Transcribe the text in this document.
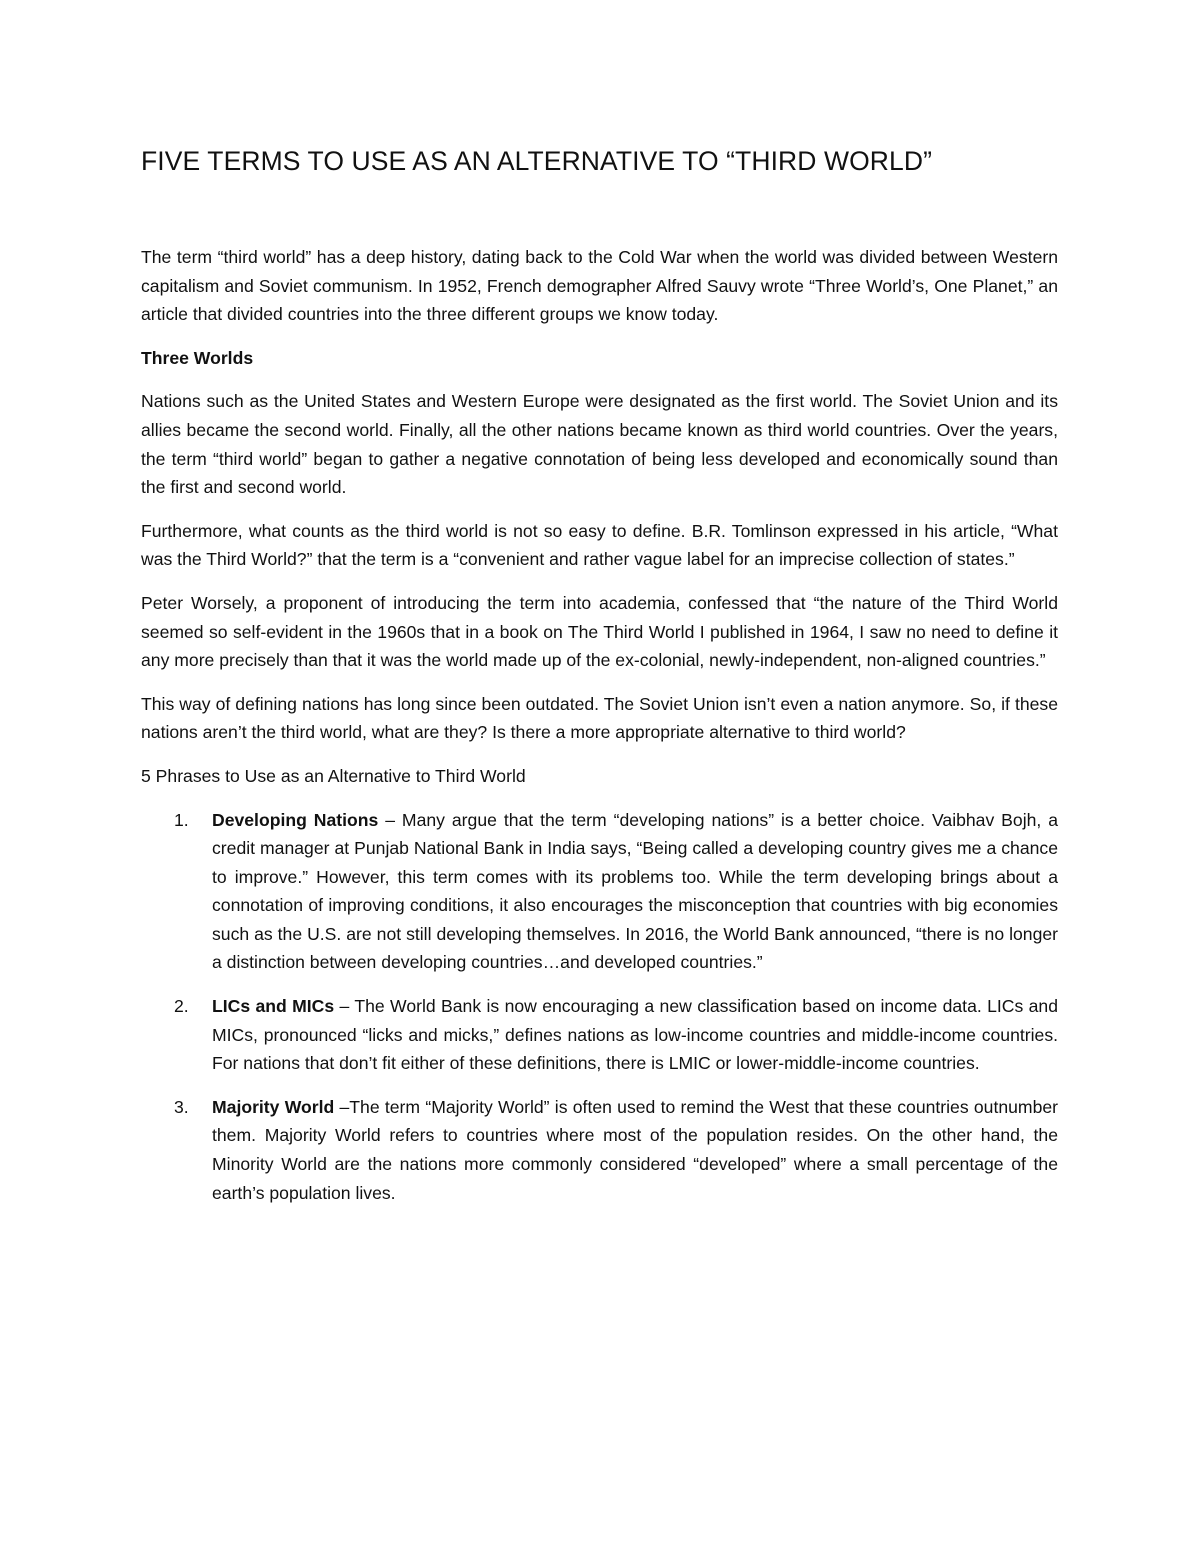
FIVE TERMS TO USE AS AN ALTERNATIVE TO “THIRD WORLD”

The term “third world” has a deep history, dating back to the Cold War when the world was divided between Western capitalism and Soviet communism. In 1952, French demographer Alfred Sauvy wrote “Three World’s, One Planet,” an article that divided countries into the three different groups we know today.

Three Worlds

Nations such as the United States and Western Europe were designated as the first world. The Soviet Union and its allies became the second world. Finally, all the other nations became known as third world countries. Over the years, the term “third world” began to gather a negative connotation of being less developed and economically sound than the first and second world.

Furthermore, what counts as the third world is not so easy to define. B.R. Tomlinson expressed in his article, “What was the Third World?” that the term is a “convenient and rather vague label for an imprecise collection of states.”

Peter Worsely, a proponent of introducing the term into academia, confessed that “the nature of the Third World seemed so self-evident in the 1960s that in a book on The Third World I published in 1964, I saw no need to define it any more precisely than that it was the world made up of the ex-colonial, newly-independent, non-aligned countries.”

This way of defining nations has long since been outdated. The Soviet Union isn’t even a nation anymore. So, if these nations aren’t the third world, what are they? Is there a more appropriate alternative to third world?

5 Phrases to Use as an Alternative to Third World

1. Developing Nations – Many argue that the term “developing nations” is a better choice. Vaibhav Bojh, a credit manager at Punjab National Bank in India says, “Being called a developing country gives me a chance to improve.” However, this term comes with its problems too. While the term developing brings about a connotation of improving conditions, it also encourages the misconception that countries with big economies such as the U.S. are not still developing themselves. In 2016, the World Bank announced, “there is no longer a distinction between developing countries…and developed countries.”
2. LICs and MICs – The World Bank is now encouraging a new classification based on income data. LICs and MICs, pronounced “licks and micks,” defines nations as low-income countries and middle-income countries. For nations that don’t fit either of these definitions, there is LMIC or lower-middle-income countries.
3. Majority World –The term “Majority World” is often used to remind the West that these countries outnumber them. Majority World refers to countries where most of the population resides. On the other hand, the Minority World are the nations more commonly considered “developed” where a small percentage of the earth’s population lives.
